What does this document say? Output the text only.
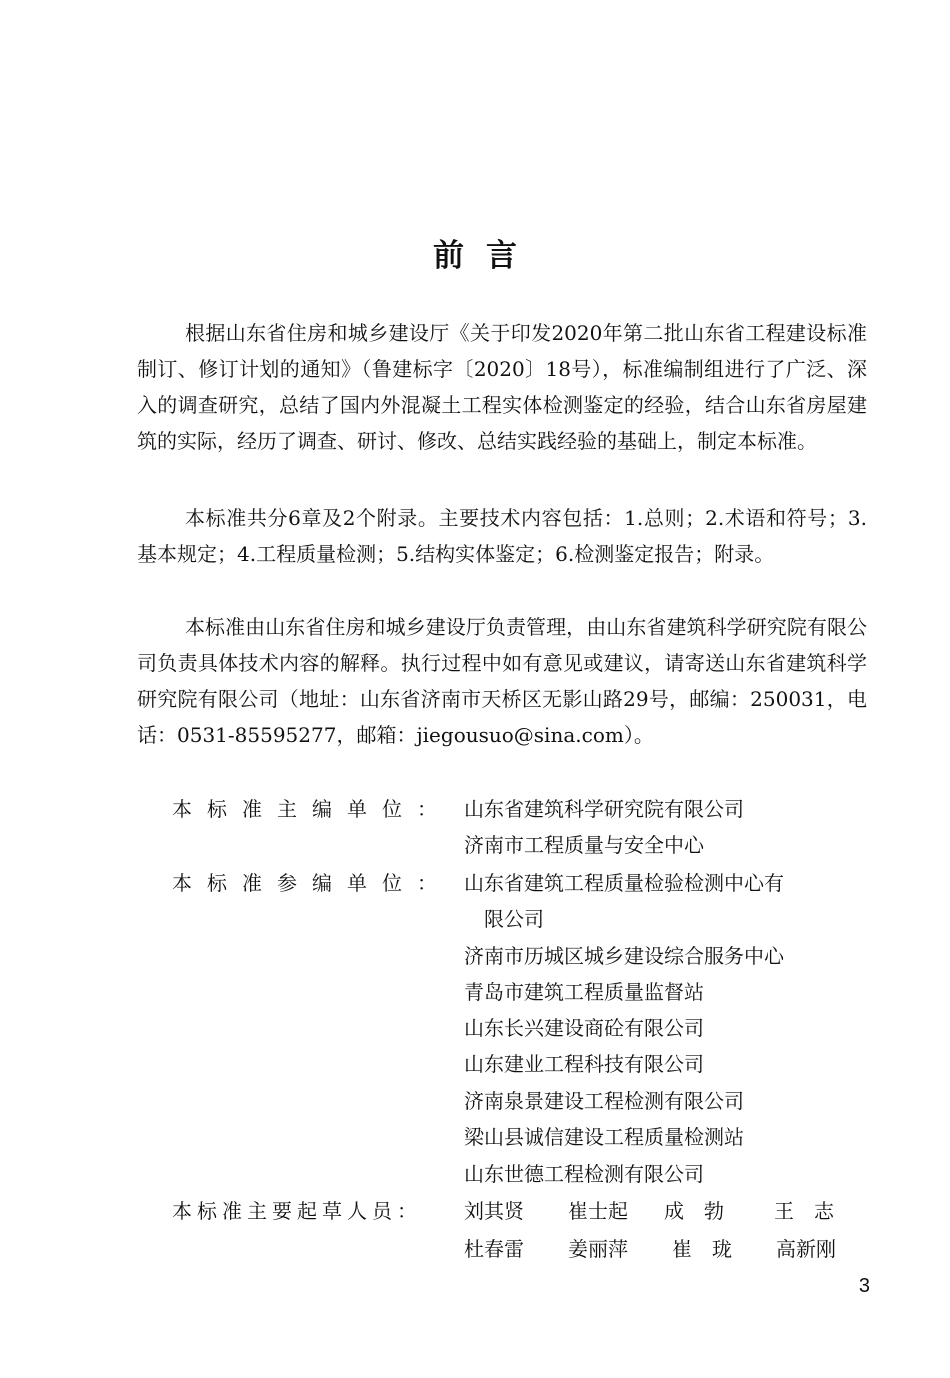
前言

根据山东省住房和城乡建设厅《关于印发2020年第二批山东省工程建设标准制订、修订计划的通知》（鲁建标字〔2020〕18号），标准编制组进行了广泛、深入的调查研究，总结了国内外混凝土工程实体检测鉴定的经验，结合山东省房屋建筑的实际，经历了调查、研讨、修改、总结实践经验的基础上，制定本标准。

本标准共分6章及2个附录。主要技术内容包括：1.总则；2.术语和符号；3.基本规定；4.工程质量检测；5.结构实体鉴定；6.检测鉴定报告；附录。

本标准由山东省住房和城乡建设厅负责管理，由山东省建筑科学研究院有限公司负责具体技术内容的解释。执行过程中如有意见或建议，请寄送山东省建筑科学研究院有限公司（地址：山东省济南市天桥区无影山路29号，邮编：250031，电话：0531-85595277，邮箱：jiegousuo@sina.com）。

本标准主编单位： 山东省建筑科学研究院有限公司
济南市工程质量与安全中心
本标准参编单位： 山东省建筑工程质量检验检测中心有
限公司
济南市历城区城乡建设综合服务中心
青岛市建筑工程质量监督站
山东长兴建设商砼有限公司
山东建业工程科技有限公司
济南泉景建设工程检测有限公司
梁山县诚信建设工程质量检测站
山东世德工程检测有限公司
本标准主要起草人员：	刘其贤 崔士起 成　勃	王　志
杜春雷 姜丽萍 崔　珑 高新刚
3
